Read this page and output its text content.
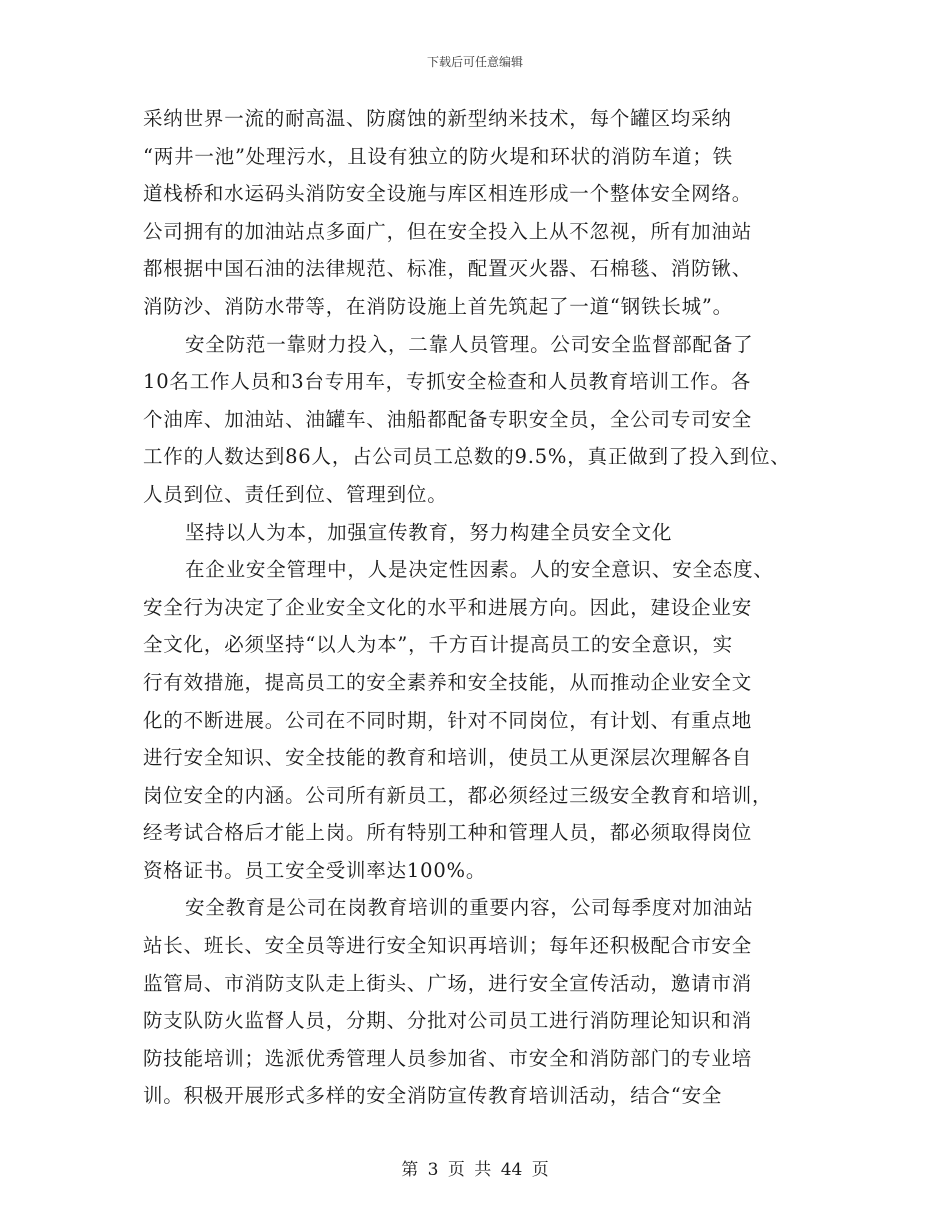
下载后可任意编辑
采纳世界一流的耐高温、防腐蚀的新型纳米技术，每个罐区均采纳
“两井一池”处理污水，且设有独立的防火堤和环状的消防车道；铁
道栈桥和水运码头消防安全设施与库区相连形成一个整体安全网络。
公司拥有的加油站点多面广，但在安全投入上从不忽视，所有加油站
都根据中国石油的法律规范、标准，配置灭火器、石棉毯、消防锹、
消防沙、消防水带等，在消防设施上首先筑起了一道“钢铁长城”。
安全防范一靠财力投入，二靠人员管理。公司安全监督部配备了
10名工作人员和3台专用车，专抓安全检查和人员教育培训工作。各
个油库、加油站、油罐车、油船都配备专职安全员，全公司专司安全
工作的人数达到86人，占公司员工总数的9.5%，真正做到了投入到位、
人员到位、责任到位、管理到位。
坚持以人为本，加强宣传教育，努力构建全员安全文化
在企业安全管理中，人是决定性因素。人的安全意识、安全态度、
安全行为决定了企业安全文化的水平和进展方向。因此，建设企业安
全文化，必须坚持“以人为本”，千方百计提高员工的安全意识，实
行有效措施，提高员工的安全素养和安全技能，从而推动企业安全文
化的不断进展。公司在不同时期，针对不同岗位，有计划、有重点地
进行安全知识、安全技能的教育和培训，使员工从更深层次理解各自
岗位安全的内涵。公司所有新员工，都必须经过三级安全教育和培训，
经考试合格后才能上岗。所有特别工种和管理人员，都必须取得岗位
资格证书。员工安全受训率达100%。
安全教育是公司在岗教育培训的重要内容，公司每季度对加油站
站长、班长、安全员等进行安全知识再培训；每年还积极配合市安全
监管局、市消防支队走上街头、广场，进行安全宣传活动，邀请市消
防支队防火监督人员，分期、分批对公司员工进行消防理论知识和消
防技能培训；选派优秀管理人员参加省、市安全和消防部门的专业培
训。积极开展形式多样的安全消防宣传教育培训活动，结合“安全
第 3 页 共 44 页
